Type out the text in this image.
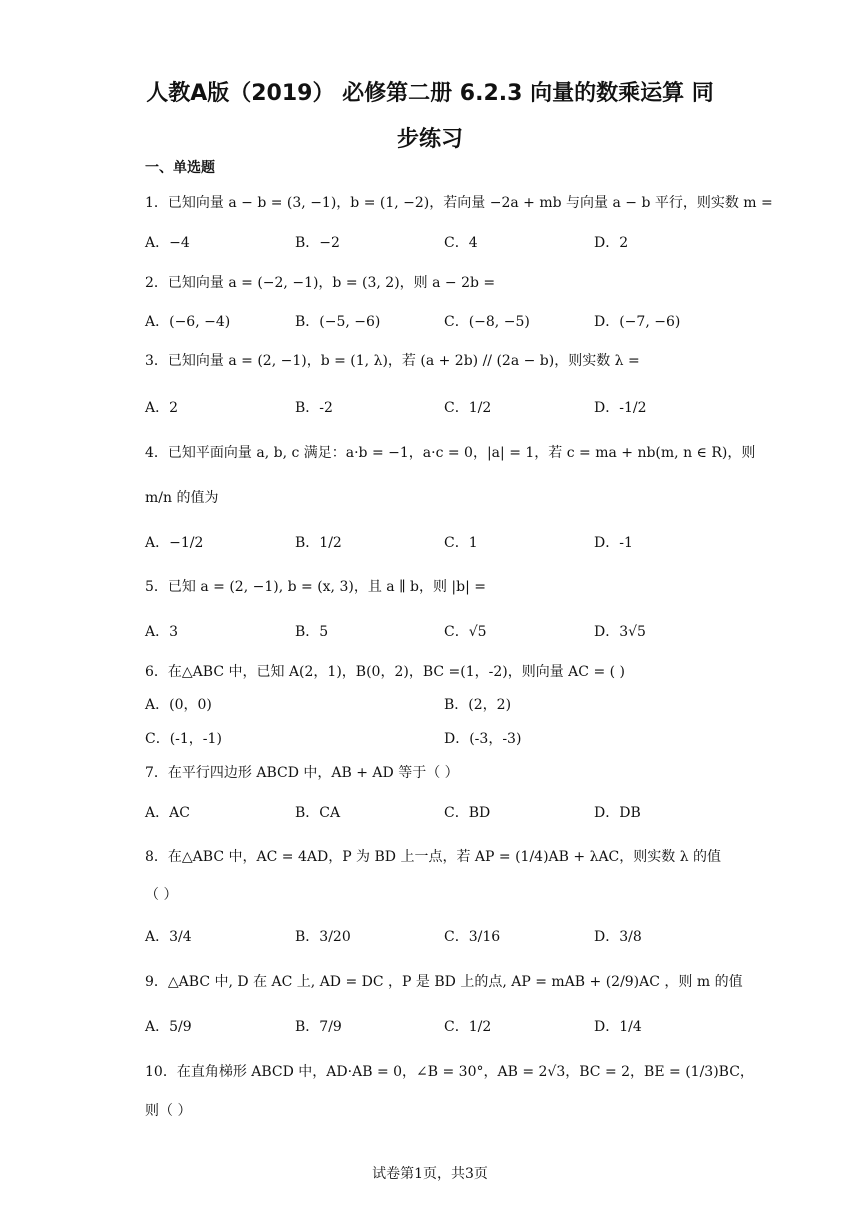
人教A版（2019） 必修第二册 6.2.3 向量的数乘运算 同
步练习
一、单选题
1．已知向量 a − b = (3, −1)，b = (1, −2)，若向量 −2a + mb 与向量 a − b 平行，则实数 m =
A．−4	B．−2	C．4	D．2
2．已知向量 a = (−2, −1)，b = (3, 2)，则 a − 2b =
A．(−6, −4)	B．(−5, −6)	C．(−8, −5)	D．(−7, −6)
3．已知向量 a = (2, −1)，b = (1, λ)，若 (a + 2b) // (2a − b)，则实数 λ =
A．2	B．-2	C．1/2	D．-1/2
4．已知平面向量 a, b, c 满足：a·b = −1，a·c = 0，|a| = 1，若 c = ma + nb(m, n ∈ R)，则
m/n 的值为
A．−1/2	B．1/2	C．1	D．-1
5．已知 a = (2, −1), b = (x, 3)，且 a ∥ b，则 |b| =
A．3	B．5	C．√5	D．3√5
6．在△ABC 中，已知 A(2，1)，B(0，2)，BC =(1，-2)，则向量 AC = ( )
A．(0，0)	B．(2，2)
C．(-1，-1)	D．(-3，-3)
7．在平行四边形 ABCD 中，AB + AD 等于（ ）
A．AC	B．CA	C．BD	D．DB
8．在△ABC 中，AC = 4AD，P 为 BD 上一点，若 AP = (1/4)AB + λAC，则实数 λ 的值
（ ）
A．3/4	B．3/20	C．3/16	D．3/8
9．△ABC 中, D 在 AC 上, AD = DC ，P 是 BD 上的点, AP = mAB + (2/9)AC ，则 m 的值
A．5/9	B．7/9	C．1/2	D．1/4
10．在直角梯形 ABCD 中，AD·AB = 0，∠B = 30°，AB = 2√3，BC = 2，BE = (1/3)BC，
则（ ）
试卷第1页，共3页
